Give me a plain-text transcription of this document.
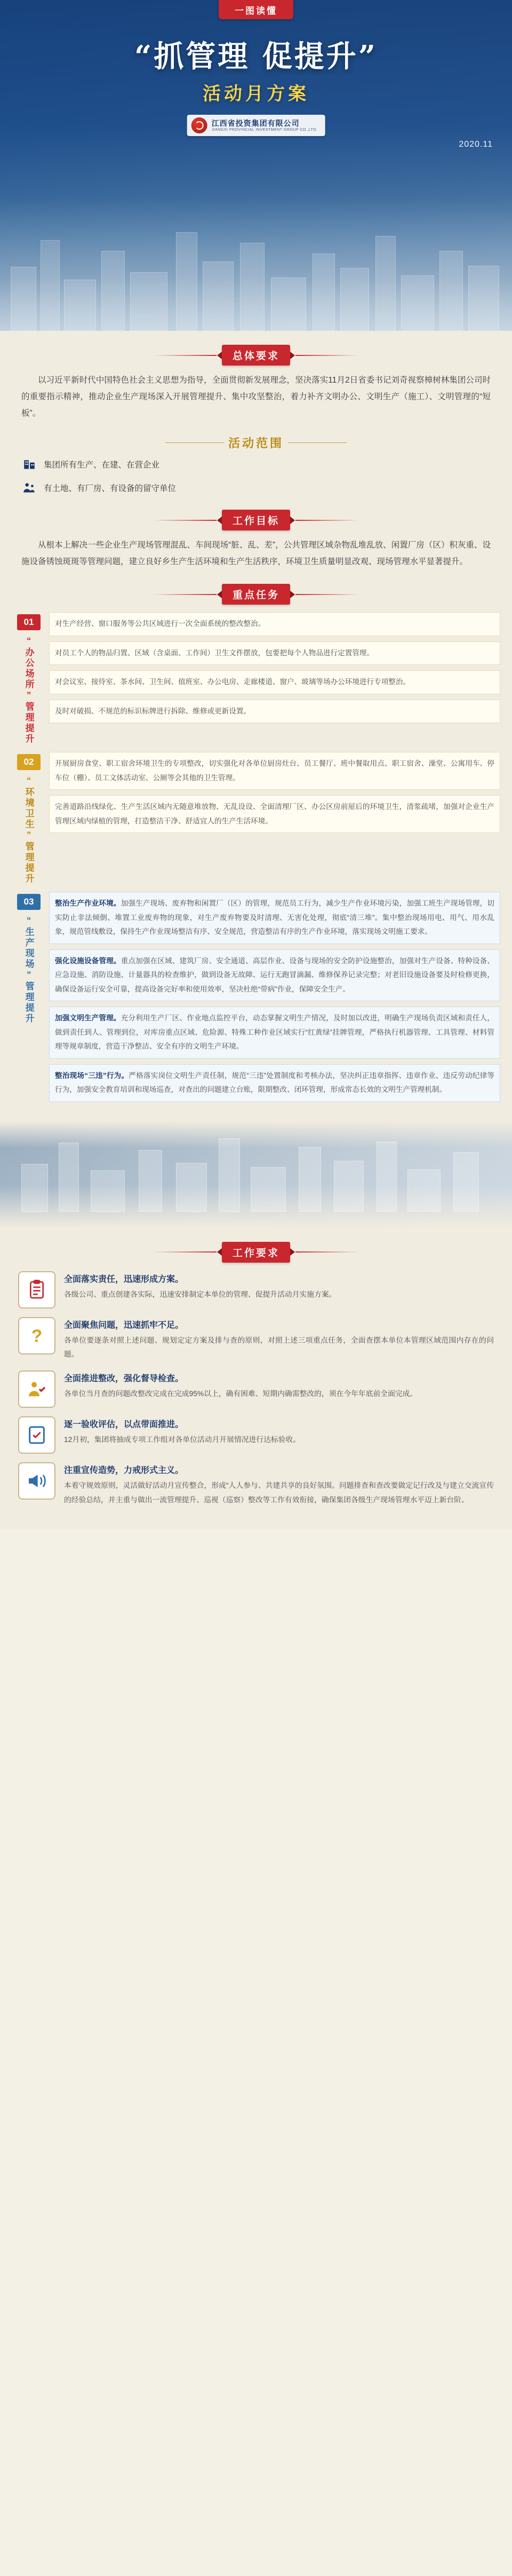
一图读懂
“抓管理 促提升”
活动月方案
江西省投资集团有限公司
JIANGXI PROVINCIAL INVESTMENT GROUP CO.,LTD.
2020.11
总体要求

以习近平新时代中国特色社会主义思想为指导，全面贯彻新发展理念，坚决落实11月2日省委书记刘奇视察樟树林集团公司时的重要指示精神，推动企业生产现场深入开展管理提升、集中攻坚整治，着力补齐文明办公、文明生产（施工）、文明管理的“短板”。

活动范围
集团所有生产、在建、在营企业
有土地、有厂房、有设备的留守单位
工作目标

从根本上解决一些企业生产现场管理混乱、车间现场“脏、乱、差”，公共管理区域杂物乱堆乱放、闲置厂房（区）积灰重、设施设备锈蚀斑斑等管理问题，建立良好乡生产生活环境和生产生活秩序，环境卫生质量明显改观、现场管理水平显著提升。

重点任务
01
“办公场所”管理提升
对生产经营、窗口服务等公共区域进行一次全面系统的整改整治。
对员工个人的物品归置、区域（含桌面、工作间）卫生文件摆放，包要把每个人物品进行定置管理。
对会议室、接待室、茶水间、卫生间、值班室、办公电房、走廊楼道、窗户、玻璃等场办公环境进行专项整治。
及时对破损、不规范的标识标牌进行拆除、维修或更新设置。
02
“环境卫生”管理提升
开展厨房食堂、职工宿舍环境卫生的专项整改，切实强化对各单位厨房灶台、员工餐厅、班中餐取用点、职工宿舍、澡堂、公寓用车、停车位（棚）、员工文体活动室、公厕等会其他的卫生管理。
完善道路沿线绿化、生产生活区域内无随意堆放物、无乱设设、全面清理厂区、办公区房前屋后的环境卫生，清浆疏堵，加强对企业生产管理区域内绿植的管理，打造整洁干净、舒适宜人的生产生活环境。
03
“生产现场”管理提升
整治生产作业环境。加强生产现场、废弃物和闲置厂（区）的管理，规范员工行为，减少生产作业环境污染，加强工班生产现场管理，切实防止非法倾倒、堆置工业废弃物的现象，对生产废弃物要及时清理、无害化处理，彻底“清三堆”。集中整治现场用电、用气、用水乱象，规范管线敷设，保持生产作业现场整洁有序、安全规范，营造整洁有序的生产作业环境，落实现场文明施工要求。
强化设施设备管理。重点加强在区域、建筑厂房、安全通道、高层作业、设备与现场的安全防护设施整治，加强对生产设备、特种设备、应急设施、消防设施、计量器具的检查维护，做到设备无故障、运行无跑冒滴漏、维修保养记录完整；对老旧设施设备要及时检修更换，确保设备运行安全可靠，提高设备完好率和使用效率，坚决杜绝“带病”作业，保障安全生产。
加强文明生产管理。充分利用生产厂区、作业地点监控平台，动态掌握文明生产情况，及时加以改进，明确生产现场负责区域和责任人，做到责任到人、管理到位，对库房重点区域、危险源、特殊工种作业区域实行“红黄绿”挂牌管理，严格执行机器管理、工具管理、材料管理等规章制度，营造干净整洁、安全有序的文明生产环境。
整治现场“三违”行为。严格落实岗位文明生产责任制，规范“三违”处置制度和考核办法，坚决纠正违章指挥、违章作业、违反劳动纪律等行为，加强安全教育培训和现场巡查，对查出的问题建立台账，限期整改、闭环管理，形成常态长效的文明生产管理机制。
工作要求
全面落实责任，迅速形成方案。
各级公司、重点创建各实际，迅速安排制定本单位的管理、促提升活动月实施方案。
?
全面聚焦问题，迅速抓牢不足。
各单位要逐条对照上述问题、规划定定方案及排与查的原则，对照上述三项重点任务，全面查摆本单位本管理区域范围内存在的问题。
全面推进整改，强化督导检查。
各单位当月查的问题改整改完成在完成95%以上，确有困难、短期内确需整改的，须在今年年底前全面完成。
逐一验收评估，以点带面推进。
12月初，集团将抽成专项工作组对各单位活动月开展情况进行达标验收。
注重宣传造势，力戒形式主义。
本着守规效原则，灵活做好活动月宣传整合，形成“人人参与、共建共享的良好氛围。问题排查和查改要做定记行改及与建立交流宣传的经验总结，并主重与做出一流管理提升、巡视（巡察）整改等工作有效衔接，确保集团各级生产现场管理水平迈上新台阶。
